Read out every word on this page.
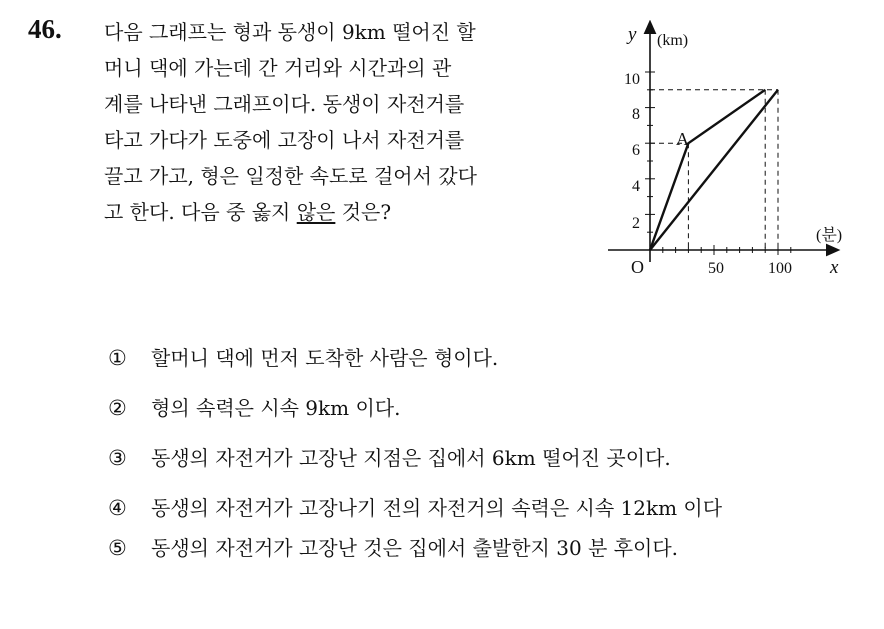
46. 다음 그래프는 형과 동생이 9km 떨어진 할
머니 댁에 가는데 간 거리와 시간과의 관
계를 나타낸 그래프이다. 동생이 자전거를
타고 가다가 도중에 고장이 나서 자전거를
끌고 가고, 형은 일정한 속도로 걸어서 갔다
고 한다. 다음 중 옳지 않은 것은?
y (km)
(분)
x
O
A
2
4
6
8
10
50	100
① 할머니 댁에 먼저 도착한 사람은 형이다.
② 형의 속력은 시속 9km 이다.
③ 동생의 자전거가 고장난 지점은 집에서 6km 떨어진 곳이다.
④ 동생의 자전거가 고장나기 전의 자전거의 속력은 시속 12km 이다
⑤ 동생의 자전거가 고장난 것은 집에서 출발한지 30 분 후이다.
